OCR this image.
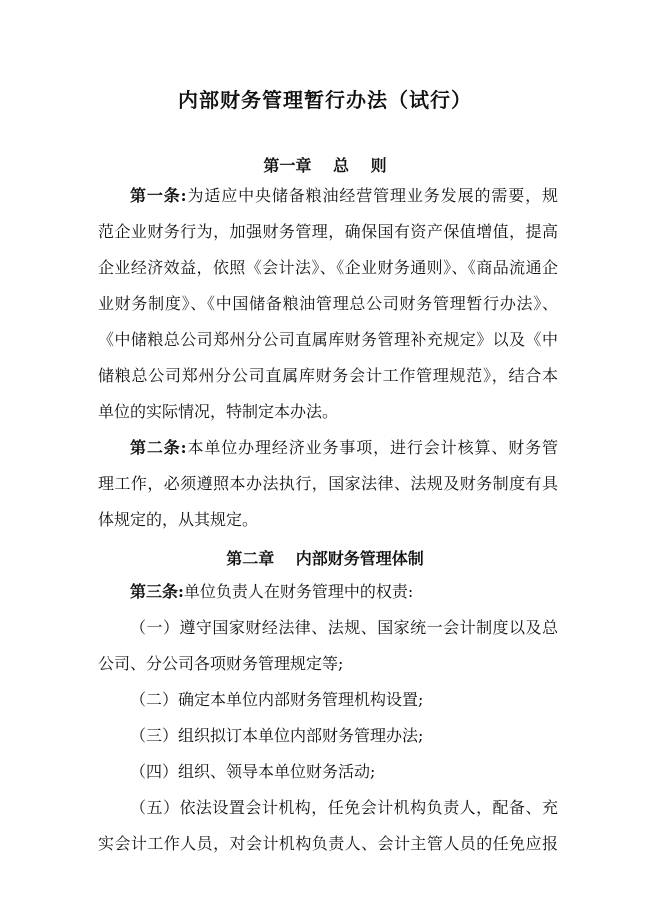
内部财务管理暂行办法（试行）
第一章　 总　 则
第一条:为适应中央储备粮油经营管理业务发展的需要，规
范企业财务行为，加强财务管理，确保国有资产保值增值，提高
企业经济效益，依照《会计法》、《企业财务通则》、《商品流通企
业财务制度》、《中国储备粮油管理总公司财务管理暂行办法》、
《中储粮总公司郑州分公司直属库财务管理补充规定》以及《中
储粮总公司郑州分公司直属库财务会计工作管理规范》，结合本
单位的实际情况，特制定本办法。
第二条:本单位办理经济业务事项，进行会计核算、财务管
理工作，必须遵照本办法执行，国家法律、法规及财务制度有具
体规定的，从其规定。
第二章　 内部财务管理体制
第三条:单位负责人在财务管理中的权责:
（一）遵守国家财经法律、法规、国家统一会计制度以及总
公司、分公司各项财务管理规定等;
（二）确定本单位内部财务管理机构设置;
（三）组织拟订本单位内部财务管理办法;
（四）组织、领导本单位财务活动;
（五）依法设置会计机构，任免会计机构负责人，配备、充
实会计工作人员，对会计机构负责人、会计主管人员的任免应报
